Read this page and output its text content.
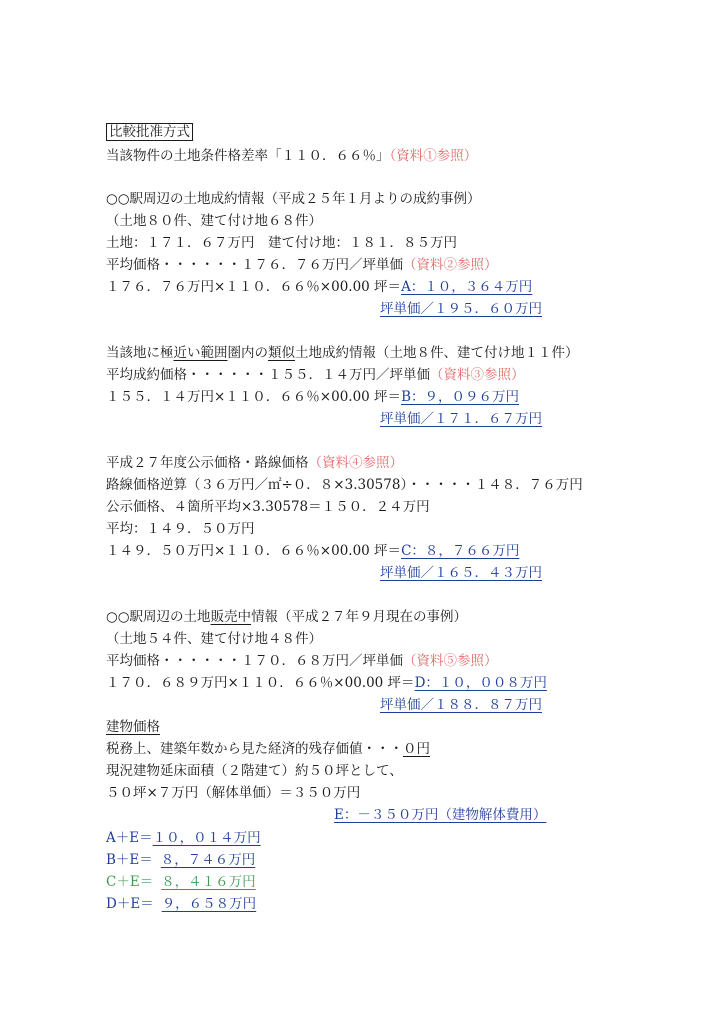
比較批准方式
当該物件の土地条件格差率「１１０．６６％」（資料①参照）
○○駅周辺の土地成約情報（平成２５年１月よりの成約事例）
（土地８０件、建て付け地６８件）
土地：１７１．６７万円　建て付け地：１８１．８５万円
平均価格・・・・・・１７６．７６万円／坪単価（資料②参照）
１７６．７６万円×１１０．６６％×00.00 坪＝A：１０，３６４万円
坪単価／１９５．６０万円
当該地に極近い範囲圏内の類似土地成約情報（土地８件、建て付け地１１件）
平均成約価格・・・・・・１５５．１４万円／坪単価（資料③参照）
１５５．１４万円×１１０．６６％×00.00 坪＝B：９，０９６万円
坪単価／１７１．６７万円
平成２７年度公示価格・路線価格（資料④参照）
路線価格逆算（３６万円／㎡÷０．８×3.30578）・・・・・１４８．７６万円
公示価格、４箇所平均×3.30578＝１５０．２４万円
平均：１４９．５０万円
１４９．５０万円×１１０．６６％×00.00 坪＝C：８，７６６万円
坪単価／１６５．４３万円
○○駅周辺の土地販売中情報（平成２７年９月現在の事例）
（土地５４件、建て付け地４８件）
平均価格・・・・・・１７０．６８万円／坪単価（資料⑤参照）
１７０．６８９万円×１１０．６６％×00.00 坪＝D：１０，００８万円
坪単価／１８８．８７万円
建物価格
税務上、建築年数から見た経済的残存価値・・・０円
現況建物延床面積（２階建て）約５０坪として、
５０坪×７万円（解体単価）＝３５０万円
E：－３５０万円（建物解体費用）
A＋E＝１０，０１４万円
B＋E＝ ８，７４６万円
C＋E＝ ８，４１６万円
D＋E＝ ９，６５８万円
